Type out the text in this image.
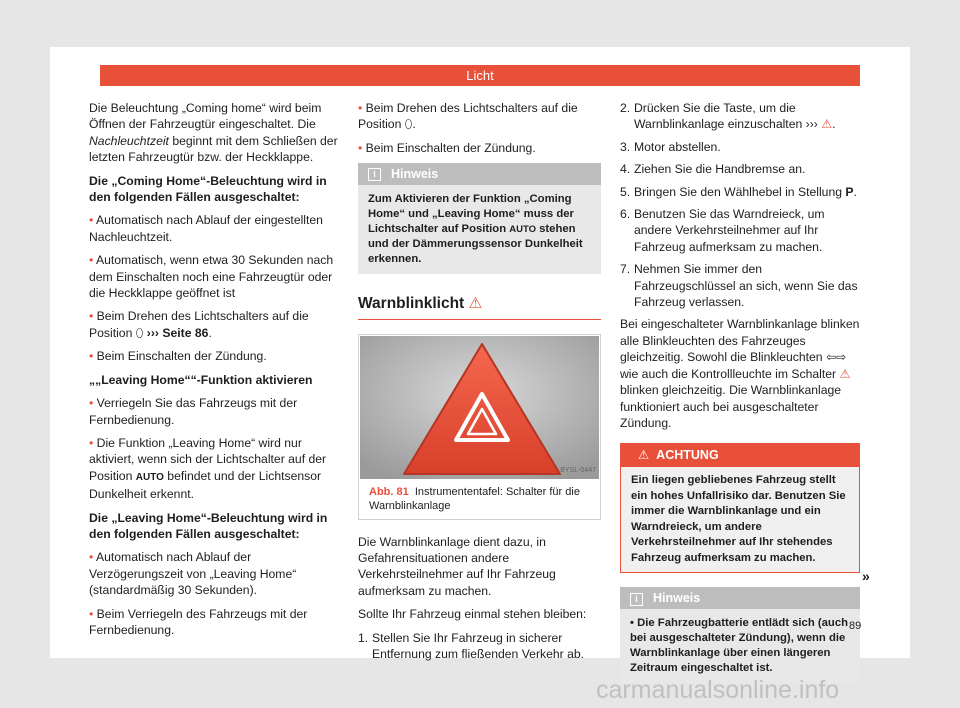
Licht

Die Beleuchtung „Coming home“ wird beim Öffnen der Fahrzeugtür eingeschaltet. Die Nachleuchtzeit beginnt mit dem Schließen der letzten Fahrzeugtür bzw. der Heckklappe.

Die „Coming Home“-Beleuchtung wird in den folgenden Fällen ausgeschaltet:

• Automatisch nach Ablauf der eingestellten Nachleuchtzeit.

• Automatisch, wenn etwa 30 Sekunden nach dem Einschalten noch eine Fahrzeugtür oder die Heckklappe geöffnet ist

• Beim Drehen des Lichtschalters auf die Position ⬯ ››› Seite 86.

• Beim Einschalten der Zündung.

„„Leaving Home““-Funktion aktivieren

• Verriegeln Sie das Fahrzeugs mit der Fernbedienung.

• Die Funktion „Leaving Home“ wird nur aktiviert, wenn sich der Lichtschalter auf der Position AUTO befindet und der Lichtsensor Dunkelheit erkennt.

Die „Leaving Home“-Beleuchtung wird in den folgenden Fällen ausgeschaltet:

• Automatisch nach Ablauf der Verzögerungszeit von „Leaving Home“ (standardmäßig 30 Sekunden).

• Beim Verriegeln des Fahrzeugs mit der Fernbedienung.

• Beim Drehen des Lichtschalters auf die Position ⬯.

• Beim Einschalten der Zündung.

i Hinweis
Zum Aktivieren der Funktion „Coming Home“ und „Leaving Home“ muss der Lichtschalter auf Position AUTO stehen und der Dämmerungssensor Dunkelheit erkennen.
Warnblinklicht ⚠
BYSL-0447
Abb. 81 Instrumententafel: Schalter für die Warnblinkanlage

Die Warnblinkanlage dient dazu, in Gefahrensituationen andere Verkehrsteilnehmer auf Ihr Fahrzeug aufmerksam zu machen.

Sollte Ihr Fahrzeug einmal stehen bleiben:

1. Stellen Sie Ihr Fahrzeug in sicherer Entfernung zum fließenden Verkehr ab.
2. Drücken Sie die Taste, um die Warnblinkanlage einzuschalten ››› ⚠.
3. Motor abstellen.
4. Ziehen Sie die Handbremse an.
5. Bringen Sie den Wählhebel in Stellung P.
6. Benutzen Sie das Warndreieck, um andere Verkehrsteilnehmer auf Ihr Fahrzeug aufmerksam zu machen.
7. Nehmen Sie immer den Fahrzeugschlüssel an sich, wenn Sie das Fahrzeug verlassen.

Bei eingeschalteter Warnblinkanlage blinken alle Blinkleuchten des Fahrzeuges gleichzeitig. Sowohl die Blinkleuchten ⇦⇨ wie auch die Kontrollleuchte im Schalter ⚠ blinken gleichzeitig. Die Warnblinkanlage funktioniert auch bei ausgeschalteter Zündung.

⚠ ACHTUNG
Ein liegen gebliebenes Fahrzeug stellt ein hohes Unfallrisiko dar. Benutzen Sie immer die Warnblinkanlage und ein Warndreieck, um andere Verkehrsteilnehmer auf Ihr stehendes Fahrzeug aufmerksam zu machen.
i Hinweis
• Die Fahrzeugbatterie entlädt sich (auch bei ausgeschalteter Zündung), wenn die Warnblinkanlage über einen längeren Zeitraum eingeschaltet ist.
»
89
carmanualsonline.info
